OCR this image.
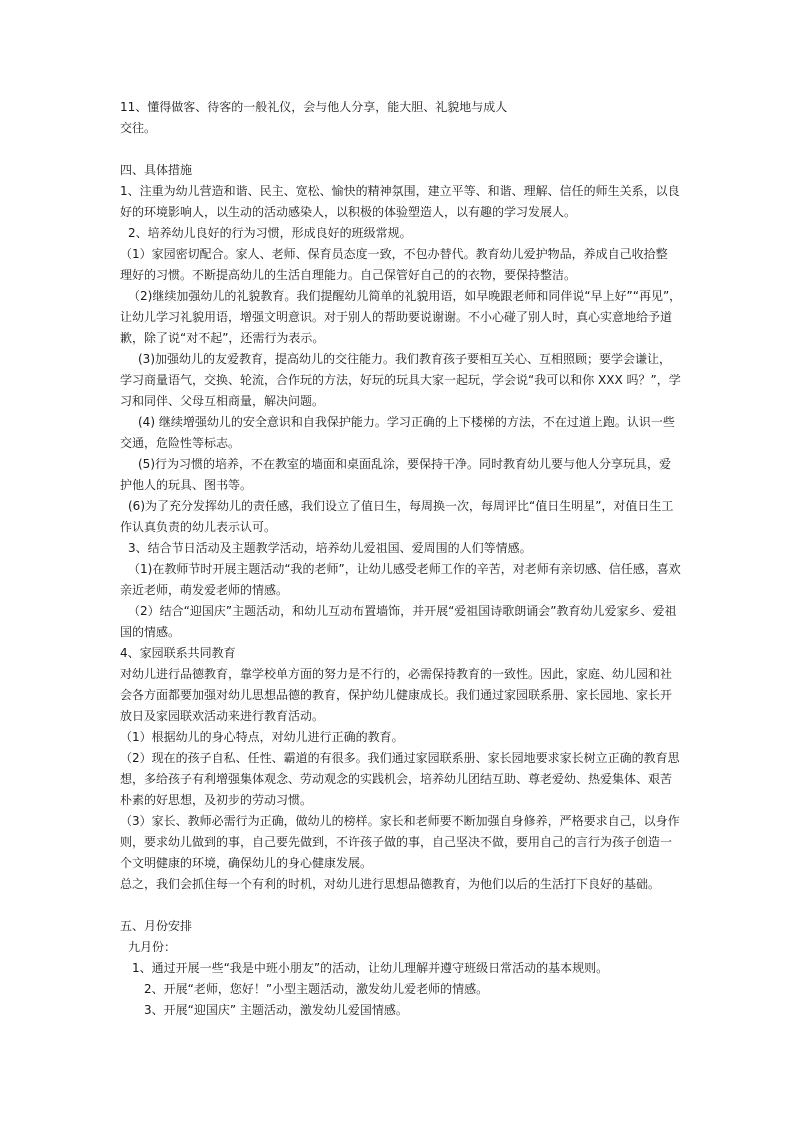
11、懂得做客、待客的一般礼仪，会与他人分享，能大胆、礼貌地与成人
交往。
四、具体措施
1、注重为幼儿营造和谐、民主、宽松、愉快的精神氛围，建立平等、和谐、理解、信任的师生关系，以良
好的环境影响人，以生动的活动感染人，以积极的体验塑造人，以有趣的学习发展人。
2、培养幼儿良好的行为习惯，形成良好的班级常规。
（1）家园密切配合。家人、老师、保育员态度一致，不包办替代。教育幼儿爱护物品，养成自己收拾整
理好的习惯。不断提高幼儿的生活自理能力。自己保管好自己的的衣物，要保持整洁。
（2)继续加强幼儿的礼貌教育。我们提醒幼儿简单的礼貌用语，如早晚跟老师和同伴说“早上好”“再见”，
让幼儿学习礼貌用语，增强文明意识。对于别人的帮助要说谢谢。不小心碰了别人时，真心实意地给予道
歉，除了说“对不起”，还需行为表示。
(3)加强幼儿的友爱教育，提高幼儿的交往能力。我们教育孩子要相互关心、互相照顾；要学会谦让，
学习商量语气，交换、轮流，合作玩的方法，好玩的玩具大家一起玩，学会说“我可以和你 XXX 吗？”，学
习和同伴、父母互相商量，解决问题。
(4) 继续增强幼儿的安全意识和自我保护能力。学习正确的上下楼梯的方法，不在过道上跑。认识一些
交通，危险性等标志。
(5)行为习惯的培养，不在教室的墙面和桌面乱涂，要保持干净。同时教育幼儿要与他人分享玩具，爱
护他人的玩具、图书等。
(6)为了充分发挥幼儿的责任感，我们设立了值日生，每周换一次，每周评比“值日生明星”，对值日生工
作认真负责的幼儿表示认可。
3、结合节日活动及主题教学活动，培养幼儿爱祖国、爱周围的人们等情感。
（1)在教师节时开展主题活动“我的老师”，让幼儿感受老师工作的辛苦，对老师有亲切感、信任感，喜欢
亲近老师，萌发爱老师的情感。
（2）结合“迎国庆”主题活动，和幼儿互动布置墙饰，并开展“爱祖国诗歌朗诵会”教育幼儿爱家乡、爱祖
国的情感。
4、家园联系共同教育
对幼儿进行品德教育，靠学校单方面的努力是不行的，必需保持教育的一致性。因此，家庭、幼儿园和社
会各方面都要加强对幼儿思想品德的教育，保护幼儿健康成长。我们通过家园联系册、家长园地、家长开
放日及家园联欢活动来进行教育活动。
（1）根据幼儿的身心特点，对幼儿进行正确的教育。
（2）现在的孩子自私、任性、霸道的有很多。我们通过家园联系册、家长园地要求家长树立正确的教育思
想，多给孩子有利增强集体观念、劳动观念的实践机会，培养幼儿团结互助、尊老爱幼、热爱集体、艰苦
朴素的好思想，及初步的劳动习惯。
（3）家长、教师必需行为正确，做幼儿的榜样。家长和老师要不断加强自身修养，严格要求自己，以身作
则，要求幼儿做到的事，自己要先做到，不许孩子做的事，自己坚决不做，要用自己的言行为孩子创造一
个文明健康的环境，确保幼儿的身心健康发展。
总之，我们会抓住每一个有利的时机，对幼儿进行思想品德教育，为他们以后的生活打下良好的基础。
五、月份安排
九月份：
1、通过开展一些“我是中班小朋友”的活动，让幼儿理解并遵守班级日常活动的基本规则。
2、开展“老师，您好！”小型主题活动，激发幼儿爱老师的情感。
3、开展“迎国庆” 主题活动，激发幼儿爱国情感。
